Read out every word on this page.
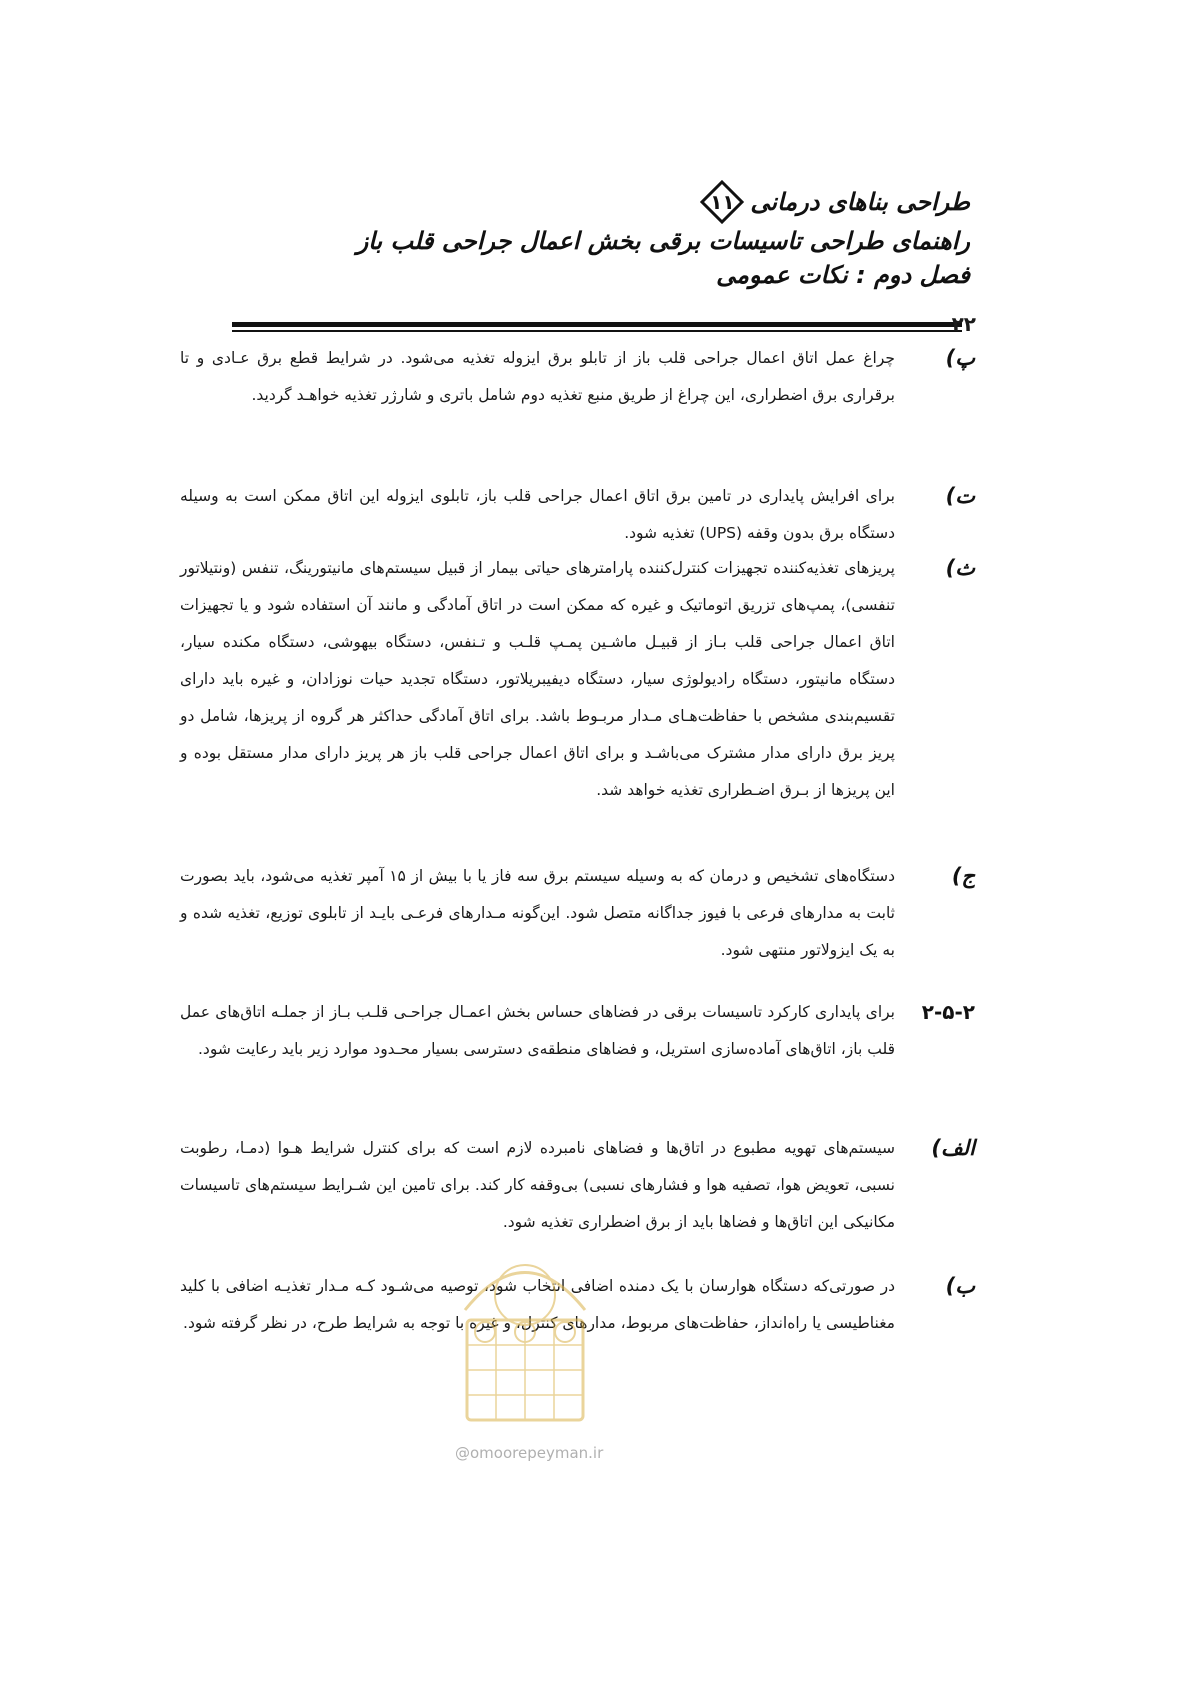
طراحی بناهای درمانی
۱۱
راهنمای طراحی تاسیسات برقی بخش اعمال جراحی قلب باز
فصل دوم : نکات عمومی
۲۲
پ)
چراغ عمل اتاق اعمال جراحی قلب باز از تابلو برق ایزوله تغذیه می‌شود. در شرایط قطع برق عـادی و تا برقراری برق اضطراری، این چراغ از طریق منبع تغذیه دوم شامل باتری و شارژر تغذیه خواهـد گردید.
ت)
برای افرایش پایداری در تامین برق اتاق اعمال جراحی قلب باز، تابلوی ایزوله این اتاق ممکن است به وسیله دستگاه برق بدون وقفه (UPS) تغذیه شود.
ث)
پریزهای تغذیه‌کننده تجهیزات کنترل‌کننده پارامترهای حیاتی بیمار از قبیل سیستم‌های مانیتورینگ، تنفس (ونتیلاتور تنفسی)، پمپ‌های تزریق اتوماتیک و غیره که ممکن است در اتاق آمادگی و مانند آن استفاده شود و یا تجهیزات اتاق اعمال جراحی قلب بـاز از قبیـل ماشـین پمـپ قلـب و تـنفس، دستگاه بیهوشی، دستگاه مکنده سیار، دستگاه مانیتور، دستگاه رادیولوژی سیار، دستگاه دیفیبریلاتور، دستگاه تجدید حیات نوزادان، و غیره باید دارای تقسیم‌بندی مشخص با حفاظت‌هـای مـدار مربـوط باشد. برای اتاق آمادگی حداکثر هر گروه از پریزها، شامل دو پریز برق دارای مدار مشترک می‌باشـد و برای اتاق اعمال جراحی قلب باز هر پریز دارای مدار مستقل بوده و این پریزها از بـرق اضـطراری تغذیه خواهد شد.
ج)
دستگاه‌های تشخیص و درمان که به وسیله سیستم برق سه فاز یا با بیش از ۱۵ آمپر تغذیه می‌شود، باید بصورت ثابت به مدارهای فرعی با فیوز جداگانه متصل شود. این‌گونه مـدارهای فرعـی بایـد از تابلوی توزیع، تغذیه شده و به یک ایزولاتور منتهی شود.
۲-۵-۲
برای پایداری کارکرد تاسیسات برقی در فضاهای حساس بخش اعمـال جراحـی قلـب بـاز از جملـه اتاق‌های عمل قلب باز، اتاق‌های آماده‌سازی استریل، و فضاهای منطقه‌ی دسترسی بسیار محـدود موارد زیر باید رعایت شود.
الف)
سیستم‌های تهویه مطبوع در اتاق‌ها و فضاهای نامبرده لازم است که برای کنترل شرایط هـوا (دمـا، رطوبت نسبی، تعویض هوا، تصفیه هوا و فشارهای نسبی) بی‌وقفه کار کند. برای تامین این شـرایط سیستم‌های تاسیسات مکانیکی این اتاق‌ها و فضاها باید از برق اضطراری تغذیه شود.
ب)
در صورتی‌که دستگاه هوارسان با یک دمنده اضافی انتخاب شود، توصیه می‌شـود کـه مـدار تغذیـه اضافی با کلید مغناطیسی یا راه‌انداز، حفاظت‌های مربوط، مدارهای کنترل، و غیره با توجه به شرایط طرح، در نظر گرفته شود.
@omoorepeyman.ir
